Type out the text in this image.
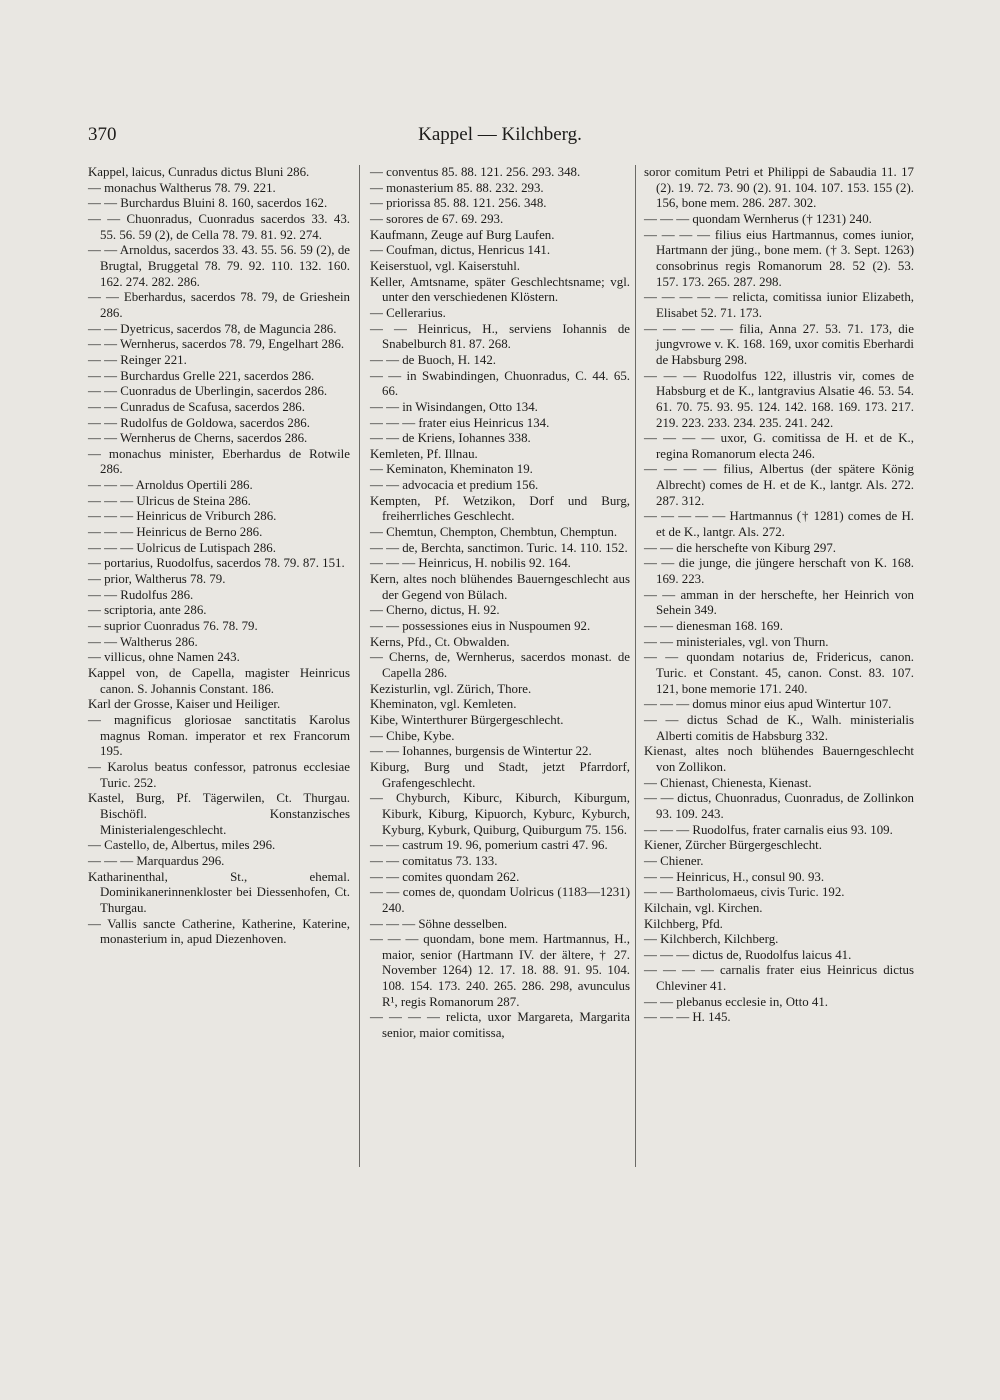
370	Kappel — Kilchberg.

Kappel, laicus, Cunradus dictus Bluni 286.

— monachus Waltherus 78. 79. 221.

— — Burchardus Bluini 8. 160, sacerdos 162.

— — Chuonradus, Cuonradus sacerdos 33. 43. 55. 56. 59 (2), de Cella 78. 79. 81. 92. 274.

— — Arnoldus, sacerdos 33. 43. 55. 56. 59 (2), de Brugtal, Bruggetal 78. 79. 92. 110. 132. 160. 162. 274. 282. 286.

— — Eberhardus, sacerdos 78. 79, de Grieshein 286.

— — Dyetricus, sacerdos 78, de Maguncia 286.

— — Wernherus, sacerdos 78. 79, Engelhart 286.

— — Reinger 221.

— — Burchardus Grelle 221, sacerdos 286.

— — Cuonradus de Uberlingin, sacerdos 286.

— — Cunradus de Scafusa, sacerdos 286.

— — Rudolfus de Goldowa, sacerdos 286.

— — Wernherus de Cherns, sacerdos 286.

— monachus minister, Eberhardus de Rotwile 286.

— — — Arnoldus Opertili 286.

— — — Ulricus de Steina 286.

— — — Heinricus de Vriburch 286.

— — — Heinricus de Berno 286.

— — — Uolricus de Lutispach 286.

— portarius, Ruodolfus, sacerdos 78. 79. 87. 151.

— prior, Waltherus 78. 79.

— — Rudolfus 286.

— scriptoria, ante 286.

— suprior Cuonradus 76. 78. 79.

— — Waltherus 286.

— villicus, ohne Namen 243.

Kappel von, de Capella, magister Heinricus canon. S. Johannis Constant. 186.

Karl der Grosse, Kaiser und Heiliger.

— magnificus gloriosae sanctitatis Karolus magnus Roman. imperator et rex Francorum 195.

— Karolus beatus confessor, patronus ecclesiae Turic. 252.

Kastel, Burg, Pf. Tägerwilen, Ct. Thurgau. Bischöfl. Konstanzisches Ministerialengeschlecht.

— Castello, de, Albertus, miles 296.

— — — Marquardus 296.

Katharinenthal, St., ehemal. Dominikanerinnenkloster bei Diessenhofen, Ct. Thurgau.

— Vallis sancte Catherine, Katherine, Katerine, monasterium in, apud Diezenhoven.

— conventus 85. 88. 121. 256. 293. 348.

— monasterium 85. 88. 232. 293.

— priorissa 85. 88. 121. 256. 348.

— sorores de 67. 69. 293.

Kaufmann, Zeuge auf Burg Laufen.

— Coufman, dictus, Henricus 141.

Keiserstuol, vgl. Kaiserstuhl.

Keller, Amtsname, später Geschlechtsname; vgl. unter den verschiedenen Klöstern.

— Cellerarius.

— — Heinricus, H., serviens Iohannis de Snabelburch 81. 87. 268.

— — de Buoch, H. 142.

— — in Swabindingen, Chuonradus, C. 44. 65. 66.

— — in Wisindangen, Otto 134.

— — — frater eius Heinricus 134.

— — de Kriens, Iohannes 338.

Kemleten, Pf. Illnau.

— Keminaton, Kheminaton 19.

— — advocacia et predium 156.

Kempten, Pf. Wetzikon, Dorf und Burg, freiherrliches Geschlecht.

— Chemtun, Chempton, Chembtun, Chemptun.

— — de, Berchta, sanctimon. Turic. 14. 110. 152.

— — — Heinricus, H. nobilis 92. 164.

Kern, altes noch blühendes Bauerngeschlecht aus der Gegend von Bülach.

— Cherno, dictus, H. 92.

— — possessiones eius in Nuspoumen 92.

Kerns, Pfd., Ct. Obwalden.

— Cherns, de, Wernherus, sacerdos monast. de Capella 286.

Kezisturlin, vgl. Zürich, Thore.

Kheminaton, vgl. Kemleten.

Kibe, Winterthurer Bürgergeschlecht.

— Chibe, Kybe.

— — Iohannes, burgensis de Wintertur 22.

Kiburg, Burg und Stadt, jetzt Pfarrdorf, Grafengeschlecht.

— Chyburch, Kiburc, Kiburch, Kiburgum, Kiburk, Kiburg, Kipuorch, Kyburc, Kyburch, Kyburg, Kyburk, Quiburg, Quiburgum 75. 156.

— — castrum 19. 96, pomerium castri 47. 96.

— — comitatus 73. 133.

— — comites quondam 262.

— — comes de, quondam Uolricus (1183—1231) 240.

— — — Söhne desselben.

— — — quondam, bone mem. Hartmannus, H., maior, senior (Hartmann IV. der ältere, † 27. November 1264) 12. 17. 18. 88. 91. 95. 104. 108. 154. 173. 240. 265. 286. 298, avunculus R¹, regis Romanorum 287.

— — — — relicta, uxor Margareta, Margarita senior, maior comitissa,

soror comitum Petri et Philippi de Sabaudia 11. 17 (2). 19. 72. 73. 90 (2). 91. 104. 107. 153. 155 (2). 156, bone mem. 286. 287. 302.

— — — quondam Wernherus († 1231) 240.

— — — — filius eius Hartmannus, comes iunior, Hartmann der jüng., bone mem. († 3. Sept. 1263) consobrinus regis Romanorum 28. 52 (2). 53. 157. 173. 265. 287. 298.

— — — — — relicta, comitissa iunior Elizabeth, Elisabet 52. 71. 173.

— — — — — filia, Anna 27. 53. 71. 173, die jungvrowe v. K. 168. 169, uxor comitis Eberhardi de Habsburg 298.

— — — Ruodolfus 122, illustris vir, comes de Habsburg et de K., lantgravius Alsatie 46. 53. 54. 61. 70. 75. 93. 95. 124. 142. 168. 169. 173. 217. 219. 223. 233. 234. 235. 241. 242.

— — — — uxor, G. comitissa de H. et de K., regina Romanorum electa 246.

— — — — filius, Albertus (der spätere König Albrecht) comes de H. et de K., lantgr. Als. 272. 287. 312.

— — — — — Hartmannus († 1281) comes de H. et de K., lantgr. Als. 272.

— — die herschefte von Kiburg 297.

— — die junge, die jüngere herschaft von K. 168. 169. 223.

— — amman in der herschefte, her Heinrich von Sehein 349.

— — dienesman 168. 169.

— — ministeriales, vgl. von Thurn.

— — quondam notarius de, Fridericus, canon. Turic. et Constant. 45, canon. Const. 83. 107. 121, bone memorie 171. 240.

— — — domus minor eius apud Wintertur 107.

— — dictus Schad de K., Walh. ministerialis Alberti comitis de Habsburg 332.

Kienast, altes noch blühendes Bauerngeschlecht von Zollikon.

— Chienast, Chienesta, Kienast.

— — dictus, Chuonradus, Cuonradus, de Zollinkon 93. 109. 243.

— — — Ruodolfus, frater carnalis eius 93. 109.

Kiener, Zürcher Bürgergeschlecht.

— Chiener.

— — Heinricus, H., consul 90. 93.

— — Bartholomaeus, civis Turic. 192.

Kilchain, vgl. Kirchen.

Kilchberg, Pfd.

— Kilchberch, Kilchberg.

— — — dictus de, Ruodolfus laicus 41.

— — — — carnalis frater eius Heinricus dictus Chleviner 41.

— — plebanus ecclesie in, Otto 41.

— — — H. 145.
